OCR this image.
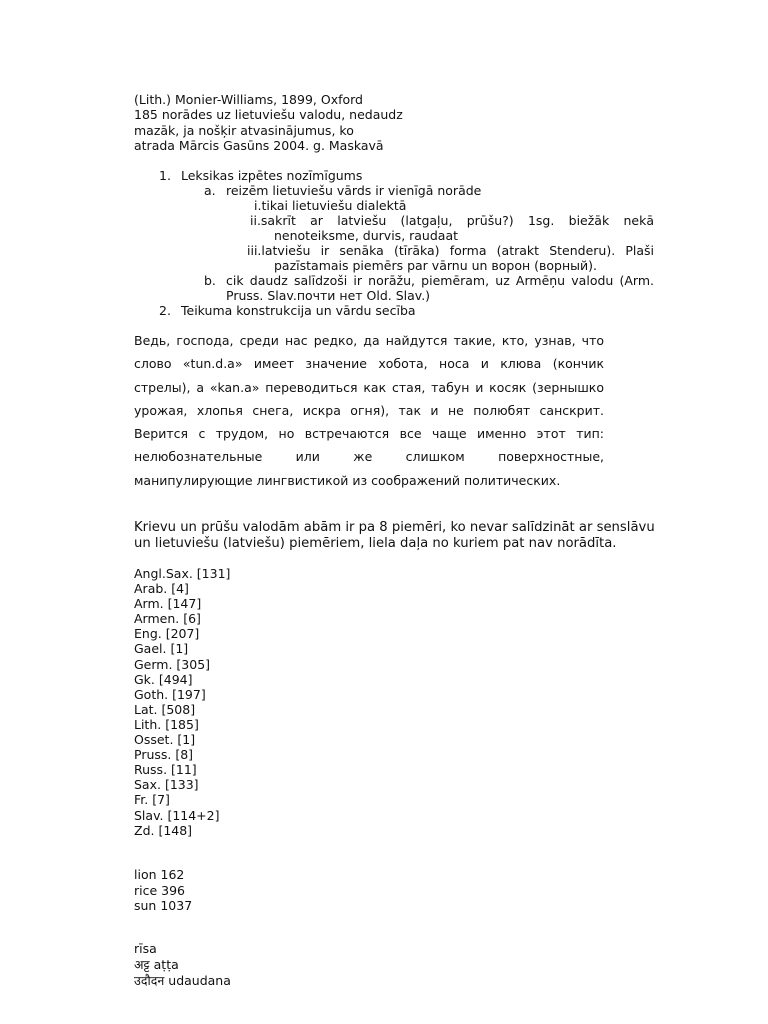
(Lith.) Monier-Williams, 1899, Oxford
185 norādes uz lietuviešu valodu, nedaudz
mazāk, ja nošķir atvasinājumus, ko
atrada Mārcis Gasūns 2004. g. Maskavā
1. Leksikas izpētes nozīmīgums
a. reizēm lietuviešu vārds ir vienīgā norāde
i.tikai lietuviešu dialektā
ii.sakrīt ar latviešu (latgaļu, prūšu?) 1sg. biežāk nekā
nenoteiksme, durvis, raudaat
iii.latviešu ir senāka (tīrāka) forma (atrakt Stenderu). Plaši
pazīstamais piemērs par vārnu un ворон (ворный).
b. cik daudz salīdzoši ir norāžu, piemēram, uz Armēņu valodu (Arm.
Pruss. Slav.почти нет Old. Slav.)
2. Teikuma konstrukcija un vārdu secība
Ведь, господа, среди нас редко, да найдутся такие, кто, узнав, что
слово «tun.d.a» имеет значение хобота, носа и клюва (кончик
стрелы), а «kan.a» переводиться как стая, табун и косяк (зернышко
урожая, хлопья снега, искра огня), так и не полюбят санскрит.
Верится с трудом, но встречаются все чаще именно этот тип:
нелюбознательные или же слишком поверхностные,
манипулирующие лингвистикой из соображений политических.
Krievu un prūšu valodām abām ir pa 8 piemēri, ko nevar salīdzināt ar senslāvu
un lietuviešu (latviešu) piemēriem, liela daļa no kuriem pat nav norādīta.
Angl.Sax. [131]
Arab. [4]
Arm. [147]
Armen. [6]
Eng. [207]
Gael. [1]
Germ. [305]
Gk. [494]
Goth. [197]
Lat. [508]
Lith. [185]
Osset. [1]
Pruss. [8]
Russ. [11]
Sax. [133]
Fr. [7]
Slav. [114+2]
Zd. [148]
lion 162
rice 396
sun 1037
rīsa
अट्ट aṭṭa
उदौदन udaudana
